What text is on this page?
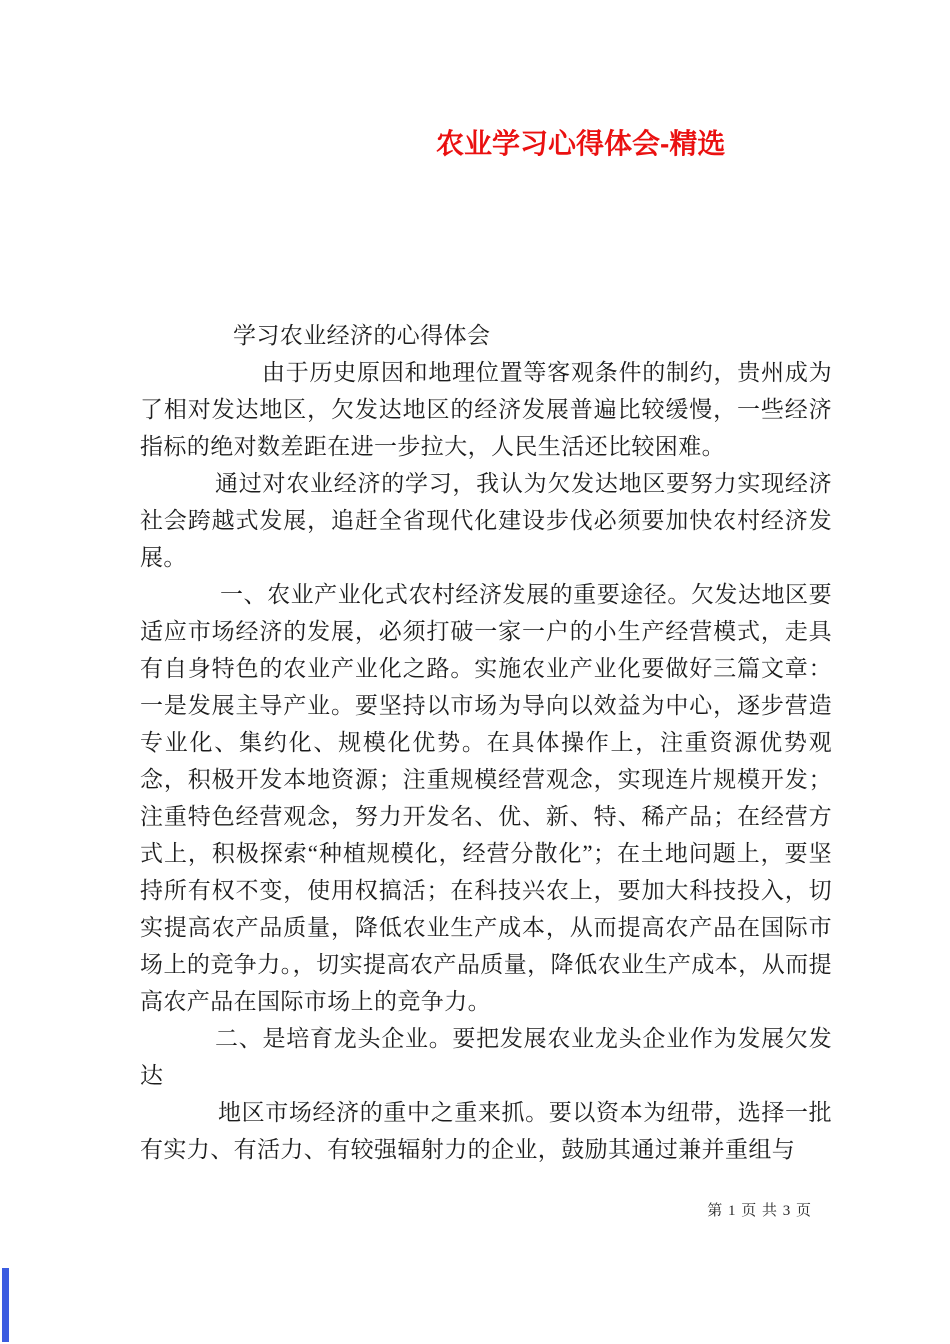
农业学习心得体会-精选

学习农业经济的心得体会

由于历史原因和地理位置等客观条件的制约，贵州成为了相对发达地区，欠发达地区的经济发展普遍比较缓慢，一些经济指标的绝对数差距在进一步拉大，人民生活还比较困难。

通过对农业经济的学习，我认为欠发达地区要努力实现经济社会跨越式发展，追赶全省现代化建设步伐必须要加快农村经济发展。

一、农业产业化式农村经济发展的重要途径。欠发达地区要适应市场经济的发展，必须打破一家一户的小生产经营模式，走具有自身特色的农业产业化之路。实施农业产业化要做好三篇文章：一是发展主导产业。要坚持以市场为导向以效益为中心，逐步营造专业化、集约化、规模化优势。在具体操作上，注重资源优势观念，积极开发本地资源；注重规模经营观念，实现连片规模开发；注重特色经营观念，努力开发名、优、新、特、稀产品；在经营方式上，积极探索“种植规模化，经营分散化”；在土地问题上，要坚持所有权不变，使用权搞活；在科技兴农上，要加大科技投入，切实提高农产品质量，降低农业生产成本，从而提高农产品在国际市场上的竞争力。，切实提高农产品质量，降低农业生产成本，从而提高农产品在国际市场上的竞争力。

二、是培育龙头企业。要把发展农业龙头企业作为发展欠发达

地区市场经济的重中之重来抓。要以资本为纽带，选择一批有实力、有活力、有较强辐射力的企业，鼓励其通过兼并重组与

第 1 页 共 3 页
